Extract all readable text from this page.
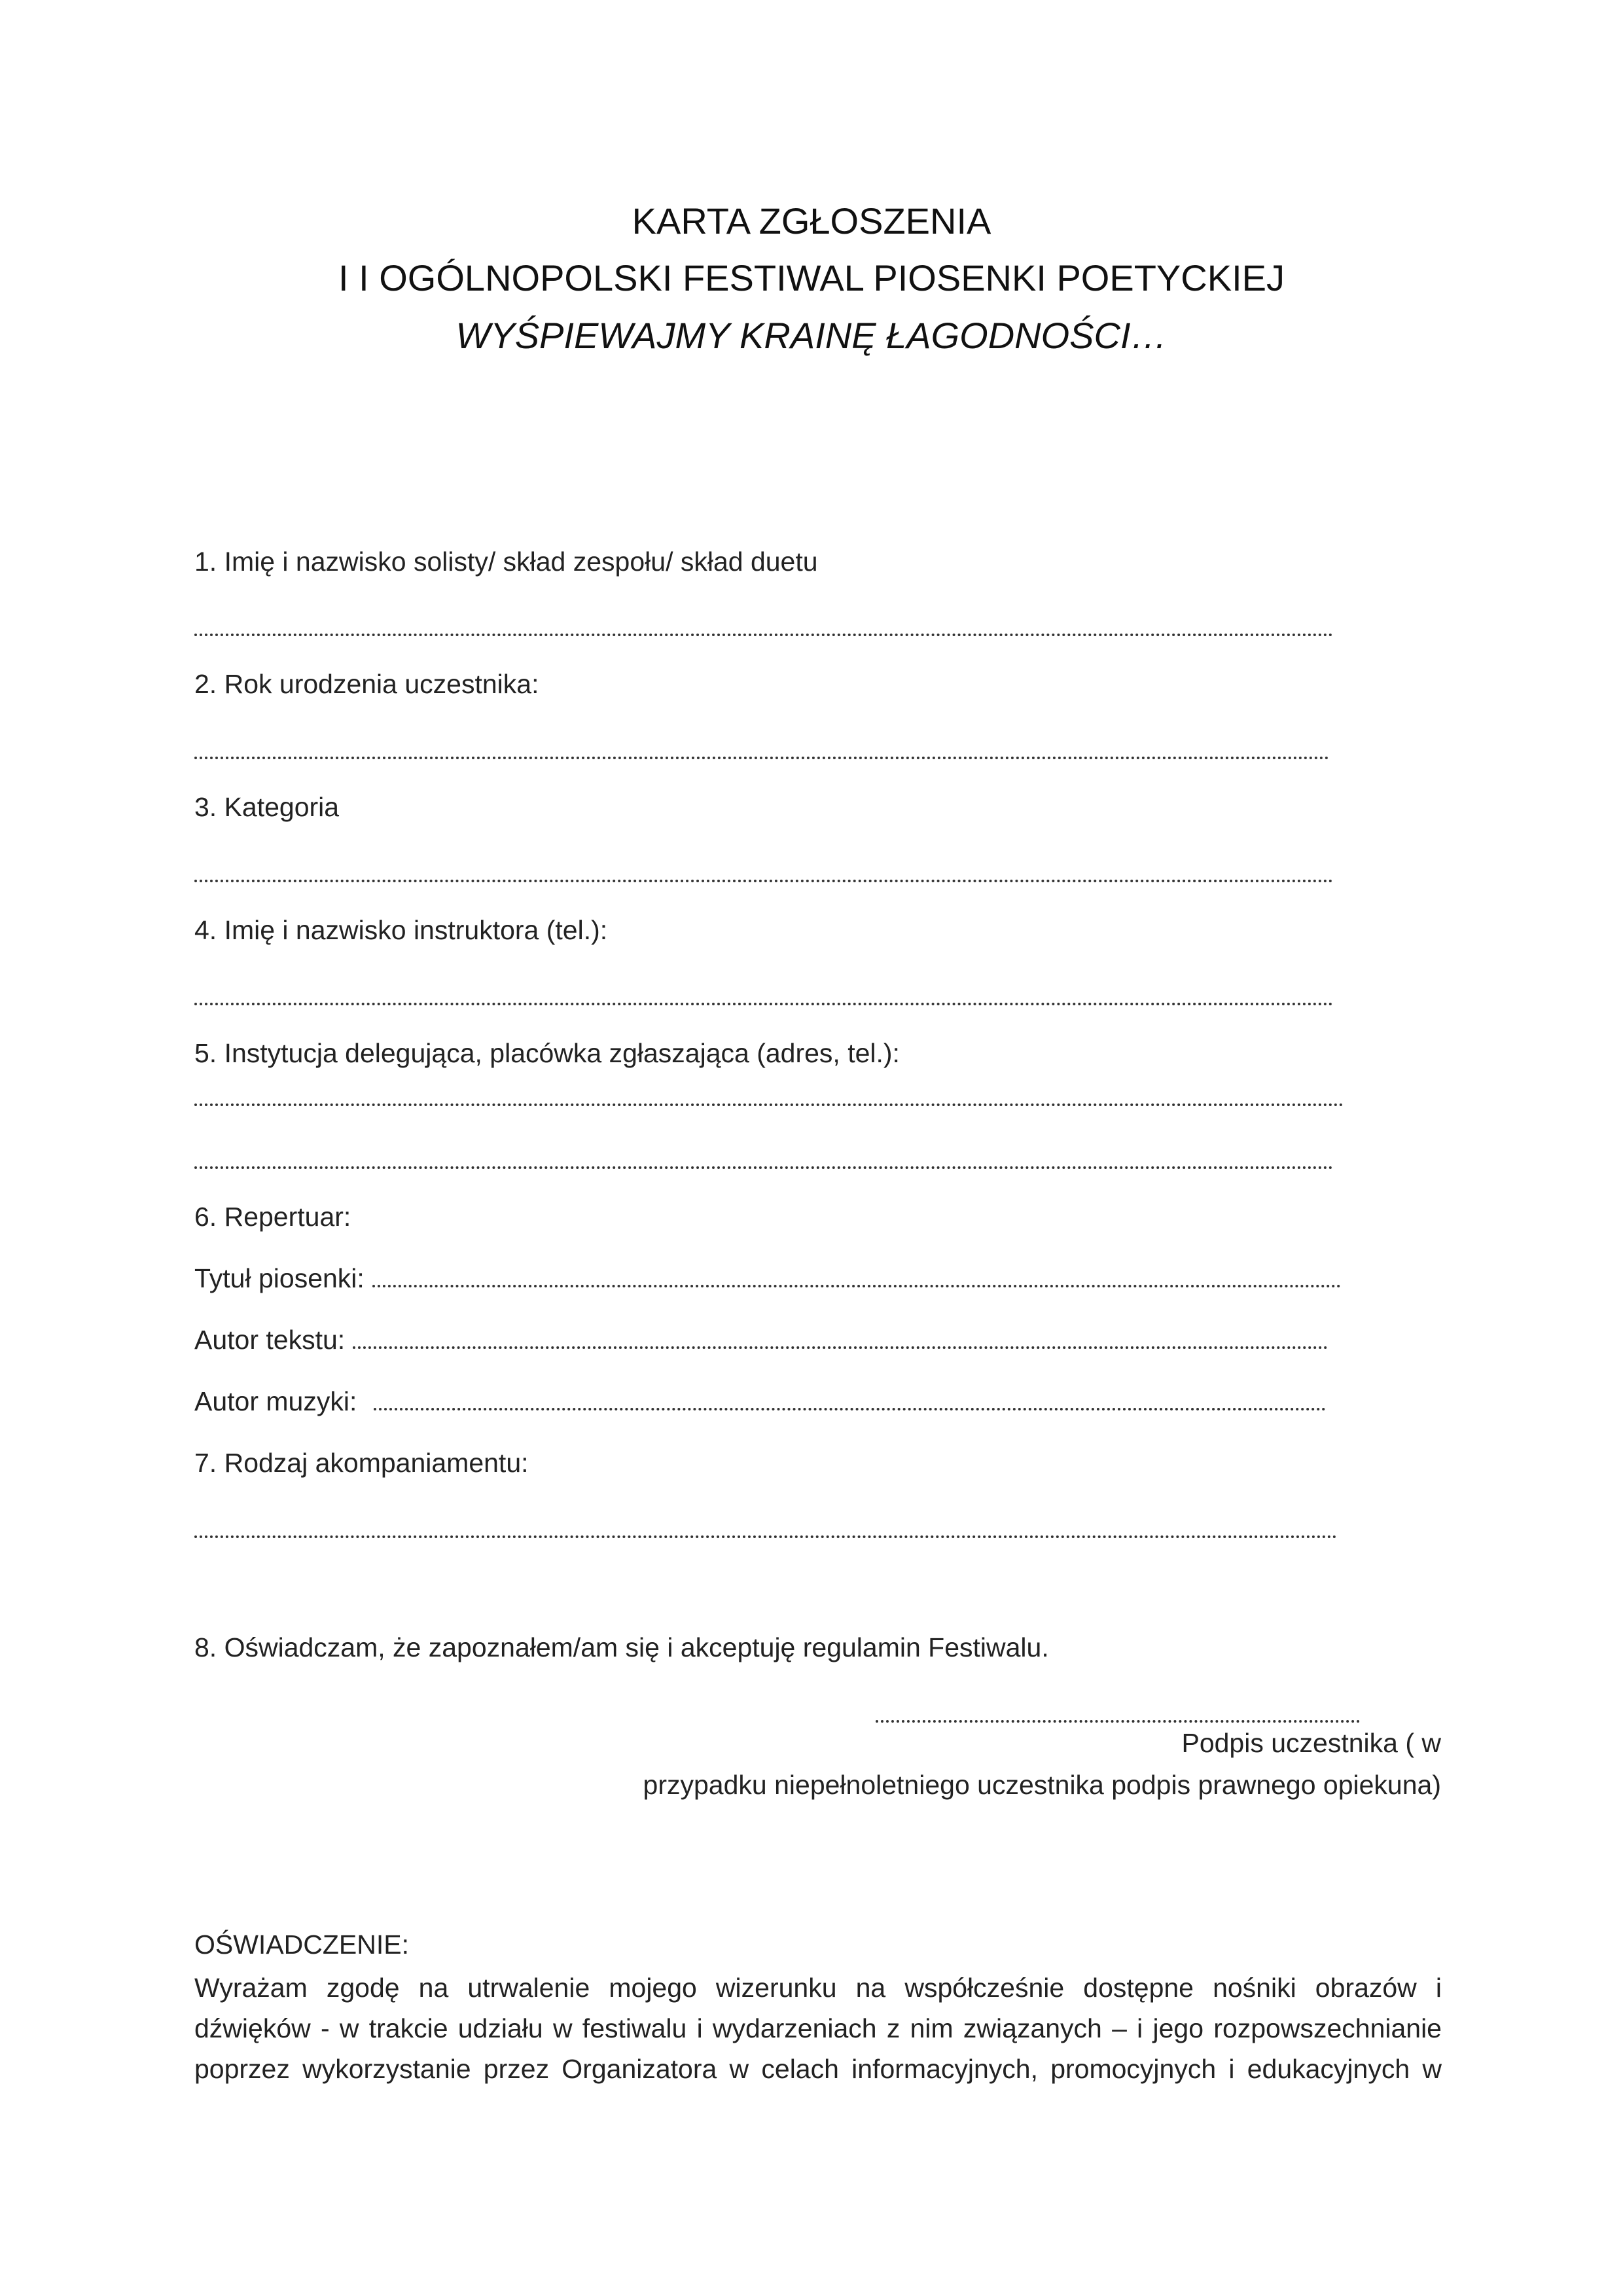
KARTA ZGŁOSZENIA
I I OGÓLNOPOLSKI FESTIWAL PIOSENKI POETYCKIEJ
WYŚPIEWAJMY KRAINĘ ŁAGODNOŚCI…
1. Imię i nazwisko solisty/ skład zespołu/ skład duetu
2. Rok urodzenia uczestnika:
3. Kategoria
4. Imię i nazwisko instruktora (tel.):
5. Instytucja delegująca, placówka zgłaszająca (adres, tel.):
6. Repertuar:
Tytuł piosenki:
Autor tekstu:
Autor muzyki:
7. Rodzaj akompaniamentu:
8. Oświadczam, że zapoznałem/am się i akceptuję regulamin Festiwalu.
Podpis uczestnika ( w
przypadku niepełnoletniego uczestnika podpis prawnego opiekuna)
OŚWIADCZENIE:
Wyrażam zgodę na utrwalenie mojego wizerunku na współcześnie dostępne nośniki obrazów i
dźwięków - w trakcie udziału w festiwalu i wydarzeniach z nim związanych – i jego rozpowszechnianie
poprzez wykorzystanie przez Organizatora w celach informacyjnych, promocyjnych i edukacyjnych w
